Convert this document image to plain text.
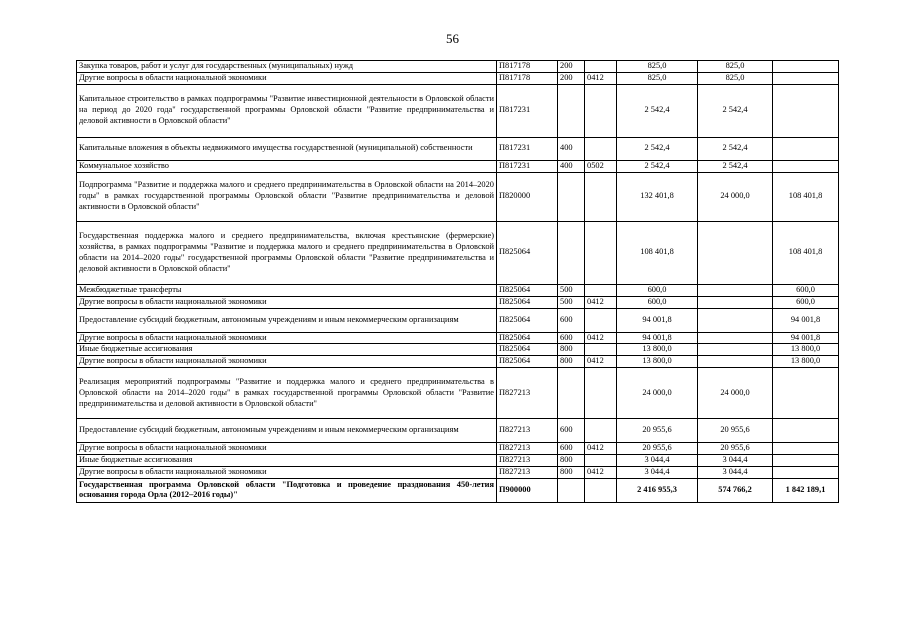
56
Закупка товаров, работ и услуг для государственных (муниципальных) нужд	П817178	200		825,0	825,0	
Другие вопросы в области национальной экономики	П817178	200	0412	825,0	825,0	
Капитальное строительство в рамках подпрограммы "Развитие инвестиционной деятельности в Орловской области на период до 2020 года" государственной программы Орловской области "Развитие предпринимательства и деловой активности в Орловской области"	П817231			2 542,4	2 542,4	
Капитальные вложения в объекты недвижимого имущества государственной (муниципальной) собственности	П817231	400		2 542,4	2 542,4	
Коммунальное хозяйство	П817231	400	0502	2 542,4	2 542,4	
Подпрограмма "Развитие и поддержка малого и среднего предпринимательства в Орловской области на 2014–2020 годы" в рамках государственной программы Орловской области "Развитие предпринимательства и деловой активности в Орловской области"	П820000			132 401,8	24 000,0	108 401,8
Государственная поддержка малого и среднего предпринимательства, включая крестьянские (фермерские) хозяйства, в рамках подпрограммы "Развитие и поддержка малого и среднего предпринимательства в Орловской области на 2014–2020 годы" государственной программы Орловской области "Развитие предпринимательства и деловой активности в Орловской области"	П825064			108 401,8		108 401,8
Межбюджетные трансферты	П825064	500		600,0		600,0
Другие вопросы в области национальной экономики	П825064	500	0412	600,0		600,0
Предоставление субсидий бюджетным, автономным учреждениям и иным некоммерческим организациям	П825064	600		94 001,8		94 001,8
Другие вопросы в области национальной экономики	П825064	600	0412	94 001,8		94 001,8
Иные бюджетные ассигнования	П825064	800		13 800,0		13 800,0
Другие вопросы в области национальной экономики	П825064	800	0412	13 800,0		13 800,0
Реализация мероприятий подпрограммы "Развитие и поддержка малого и среднего предпринимательства в Орловской области на 2014–2020 годы" в рамках государственной программы Орловской области "Развитие предпринимательства и деловой активности в Орловской области"	П827213			24 000,0	24 000,0	
Предоставление субсидий бюджетным, автономным учреждениям и иным некоммерческим организациям	П827213	600		20 955,6	20 955,6	
Другие вопросы в области национальной экономики	П827213	600	0412	20 955,6	20 955,6	
Иные бюджетные ассигнования	П827213	800		3 044,4	3 044,4	
Другие вопросы в области национальной экономики	П827213	800	0412	3 044,4	3 044,4	
Государственная программа Орловской области "Подготовка и проведение празднования 450-летия основания города Орла (2012–2016 годы)"	П900000			2 416 955,3	574 766,2	1 842 189,1
